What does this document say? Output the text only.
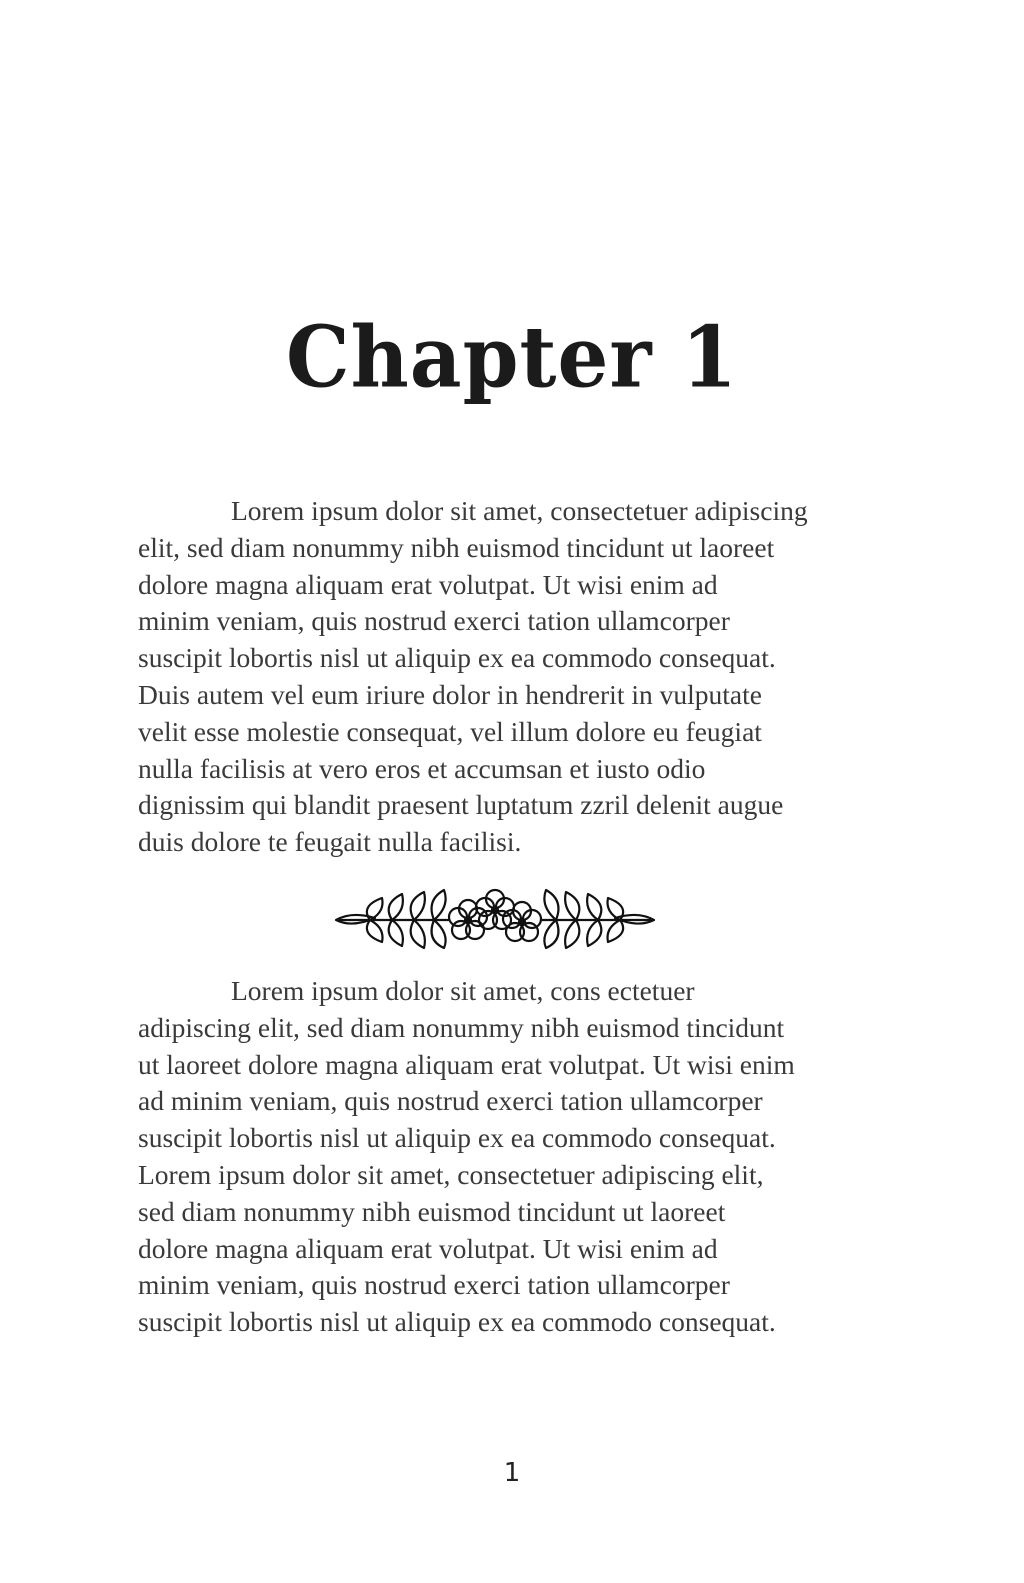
Chapter 1

Lorem ipsum dolor sit amet, consectetuer adipiscing
elit, sed diam nonummy nibh euismod tincidunt ut laoreet
dolore magna aliquam erat volutpat. Ut wisi enim ad
minim veniam, quis nostrud exerci tation ullamcorper
suscipit lobortis nisl ut aliquip ex ea commodo consequat.
Duis autem vel eum iriure dolor in hendrerit in vulputate
velit esse molestie consequat, vel illum dolore eu feugiat
nulla facilisis at vero eros et accumsan et iusto odio
dignissim qui blandit praesent luptatum zzril delenit augue
duis dolore te feugait nulla facilisi.

Lorem ipsum dolor sit amet, cons ectetuer
adipiscing elit, sed diam nonummy nibh euismod tincidunt
ut laoreet dolore magna aliquam erat volutpat. Ut wisi enim
ad minim veniam, quis nostrud exerci tation ullamcorper
suscipit lobortis nisl ut aliquip ex ea commodo consequat.
Lorem ipsum dolor sit amet, consectetuer adipiscing elit,
sed diam nonummy nibh euismod tincidunt ut laoreet
dolore magna aliquam erat volutpat. Ut wisi enim ad
minim veniam, quis nostrud exerci tation ullamcorper
suscipit lobortis nisl ut aliquip ex ea commodo consequat.

1
